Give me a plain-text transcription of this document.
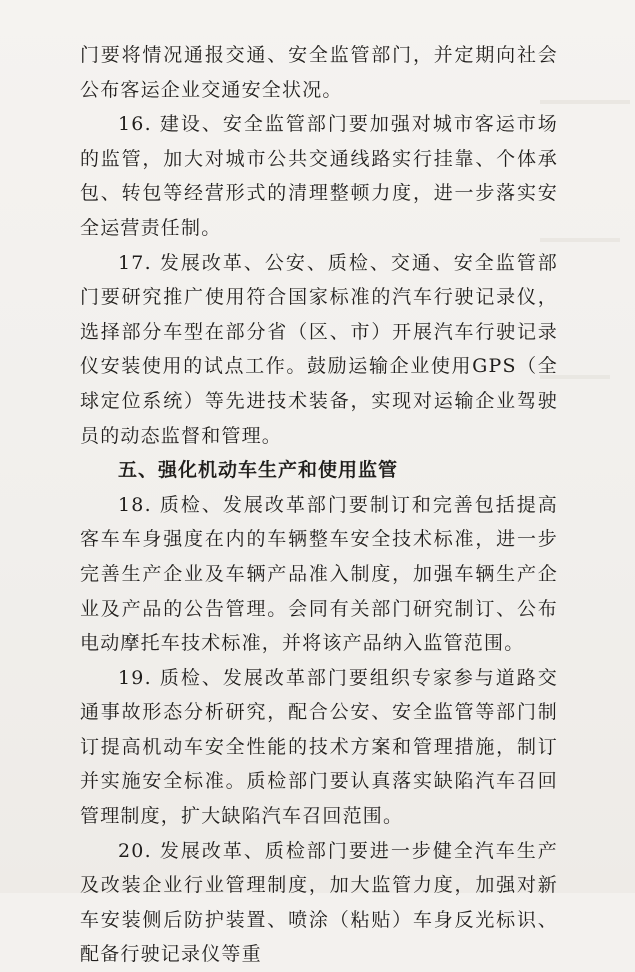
门要将情况通报交通、安全监管部门，并定期向社会公布客运企业交通安全状况。

16. 建设、安全监管部门要加强对城市客运市场的监管，加大对城市公共交通线路实行挂靠、个体承包、转包等经营形式的清理整顿力度，进一步落实安全运营责任制。

17. 发展改革、公安、质检、交通、安全监管部门要研究推广使用符合国家标准的汽车行驶记录仪，选择部分车型在部分省（区、市）开展汽车行驶记录仪安装使用的试点工作。鼓励运输企业使用GPS（全球定位系统）等先进技术装备，实现对运输企业驾驶员的动态监督和管理。

五、强化机动车生产和使用监管

18. 质检、发展改革部门要制订和完善包括提高客车车身强度在内的车辆整车安全技术标准，进一步完善生产企业及车辆产品准入制度，加强车辆生产企业及产品的公告管理。会同有关部门研究制订、公布电动摩托车技术标准，并将该产品纳入监管范围。

19. 质检、发展改革部门要组织专家参与道路交通事故形态分析研究，配合公安、安全监管等部门制订提高机动车安全性能的技术方案和管理措施，制订并实施安全标准。质检部门要认真落实缺陷汽车召回管理制度，扩大缺陷汽车召回范围。

20. 发展改革、质检部门要进一步健全汽车生产及改装企业行业管理制度，加大监管力度，加强对新车安装侧后防护装置、喷涂（粘贴）车身反光标识、配备行驶记录仪等重
